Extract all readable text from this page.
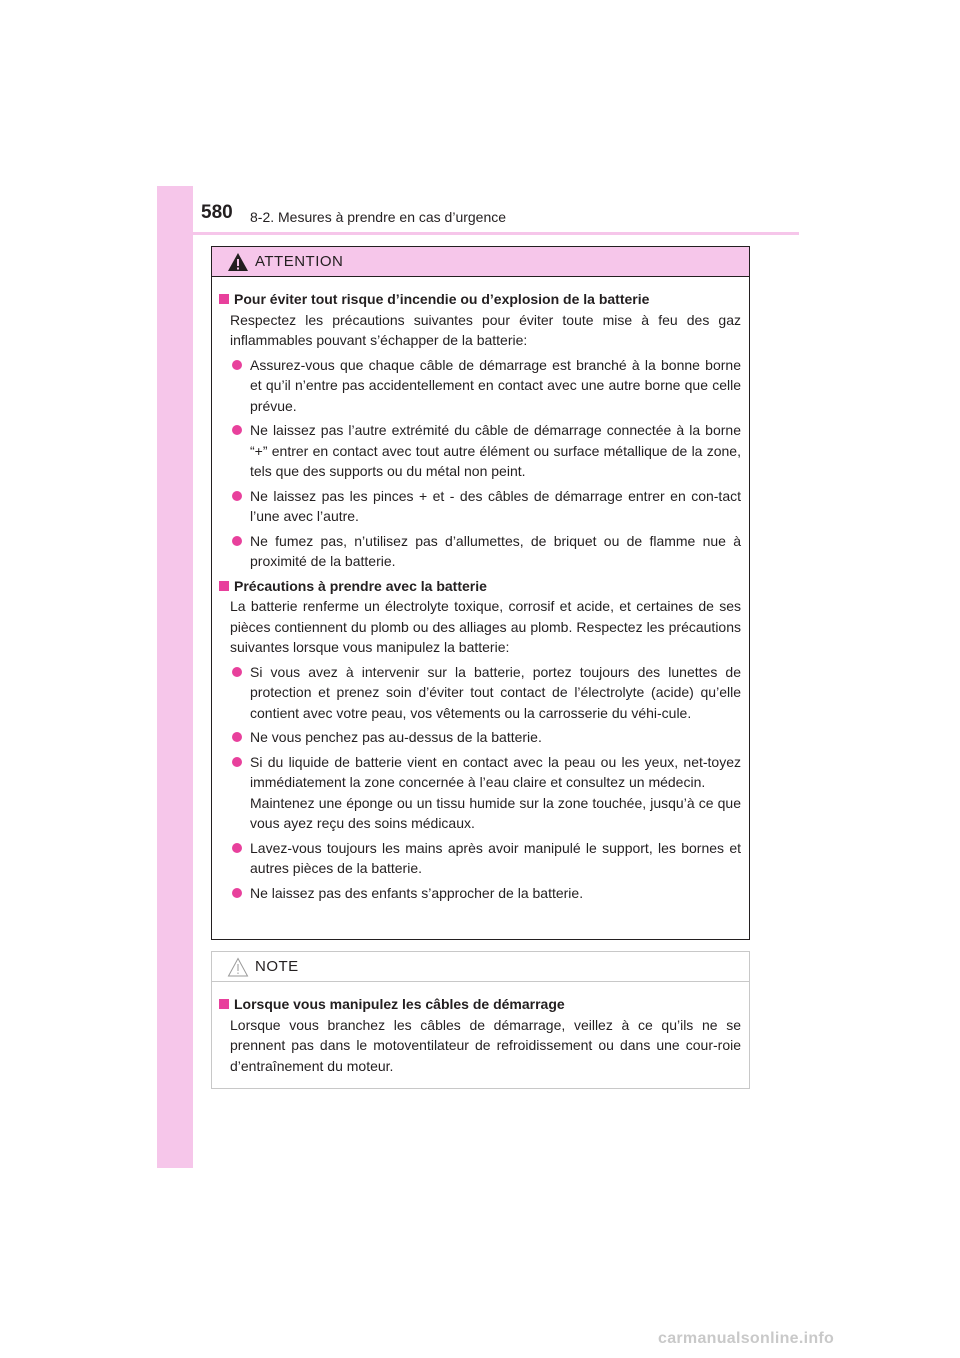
580 8-2. Mesures à prendre en cas d’urgence
ATTENTION
Pour éviter tout risque d’incendie ou d’explosion de la batterie
Respectez les précautions suivantes pour éviter toute mise à feu des gaz inflammables pouvant s’échapper de la batterie:
Assurez-vous que chaque câble de démarrage est branché à la bonne borne et qu’il n’entre pas accidentellement en contact avec une autre borne que celle prévue.
Ne laissez pas l’autre extrémité du câble de démarrage connectée à la borne “+” entrer en contact avec tout autre élément ou surface métallique de la zone, tels que des supports ou du métal non peint.
Ne laissez pas les pinces + et - des câbles de démarrage entrer en con-tact l’une avec l’autre.
Ne fumez pas, n’utilisez pas d’allumettes, de briquet ou de flamme nue à proximité de la batterie.
Précautions à prendre avec la batterie
La batterie renferme un électrolyte toxique, corrosif et acide, et certaines de ses pièces contiennent du plomb ou des alliages au plomb. Respectez les précautions suivantes lorsque vous manipulez la batterie:
Si vous avez à intervenir sur la batterie, portez toujours des lunettes de protection et prenez soin d’éviter tout contact de l’électrolyte (acide) qu’elle contient avec votre peau, vos vêtements ou la carrosserie du véhi-cule.
Ne vous penchez pas au-dessus de la batterie.
Si du liquide de batterie vient en contact avec la peau ou les yeux, net-toyez immédiatement la zone concernée à l’eau claire et consultez un médecin.
Maintenez une éponge ou un tissu humide sur la zone touchée, jusqu’à ce que vous ayez reçu des soins médicaux.
Lavez-vous toujours les mains après avoir manipulé le support, les bornes et autres pièces de la batterie.
Ne laissez pas des enfants s’approcher de la batterie.
NOTE
Lorsque vous manipulez les câbles de démarrage
Lorsque vous branchez les câbles de démarrage, veillez à ce qu’ils ne se prennent pas dans le motoventilateur de refroidissement ou dans une cour-roie d’entraînement du moteur.
carmanualsonline.info
